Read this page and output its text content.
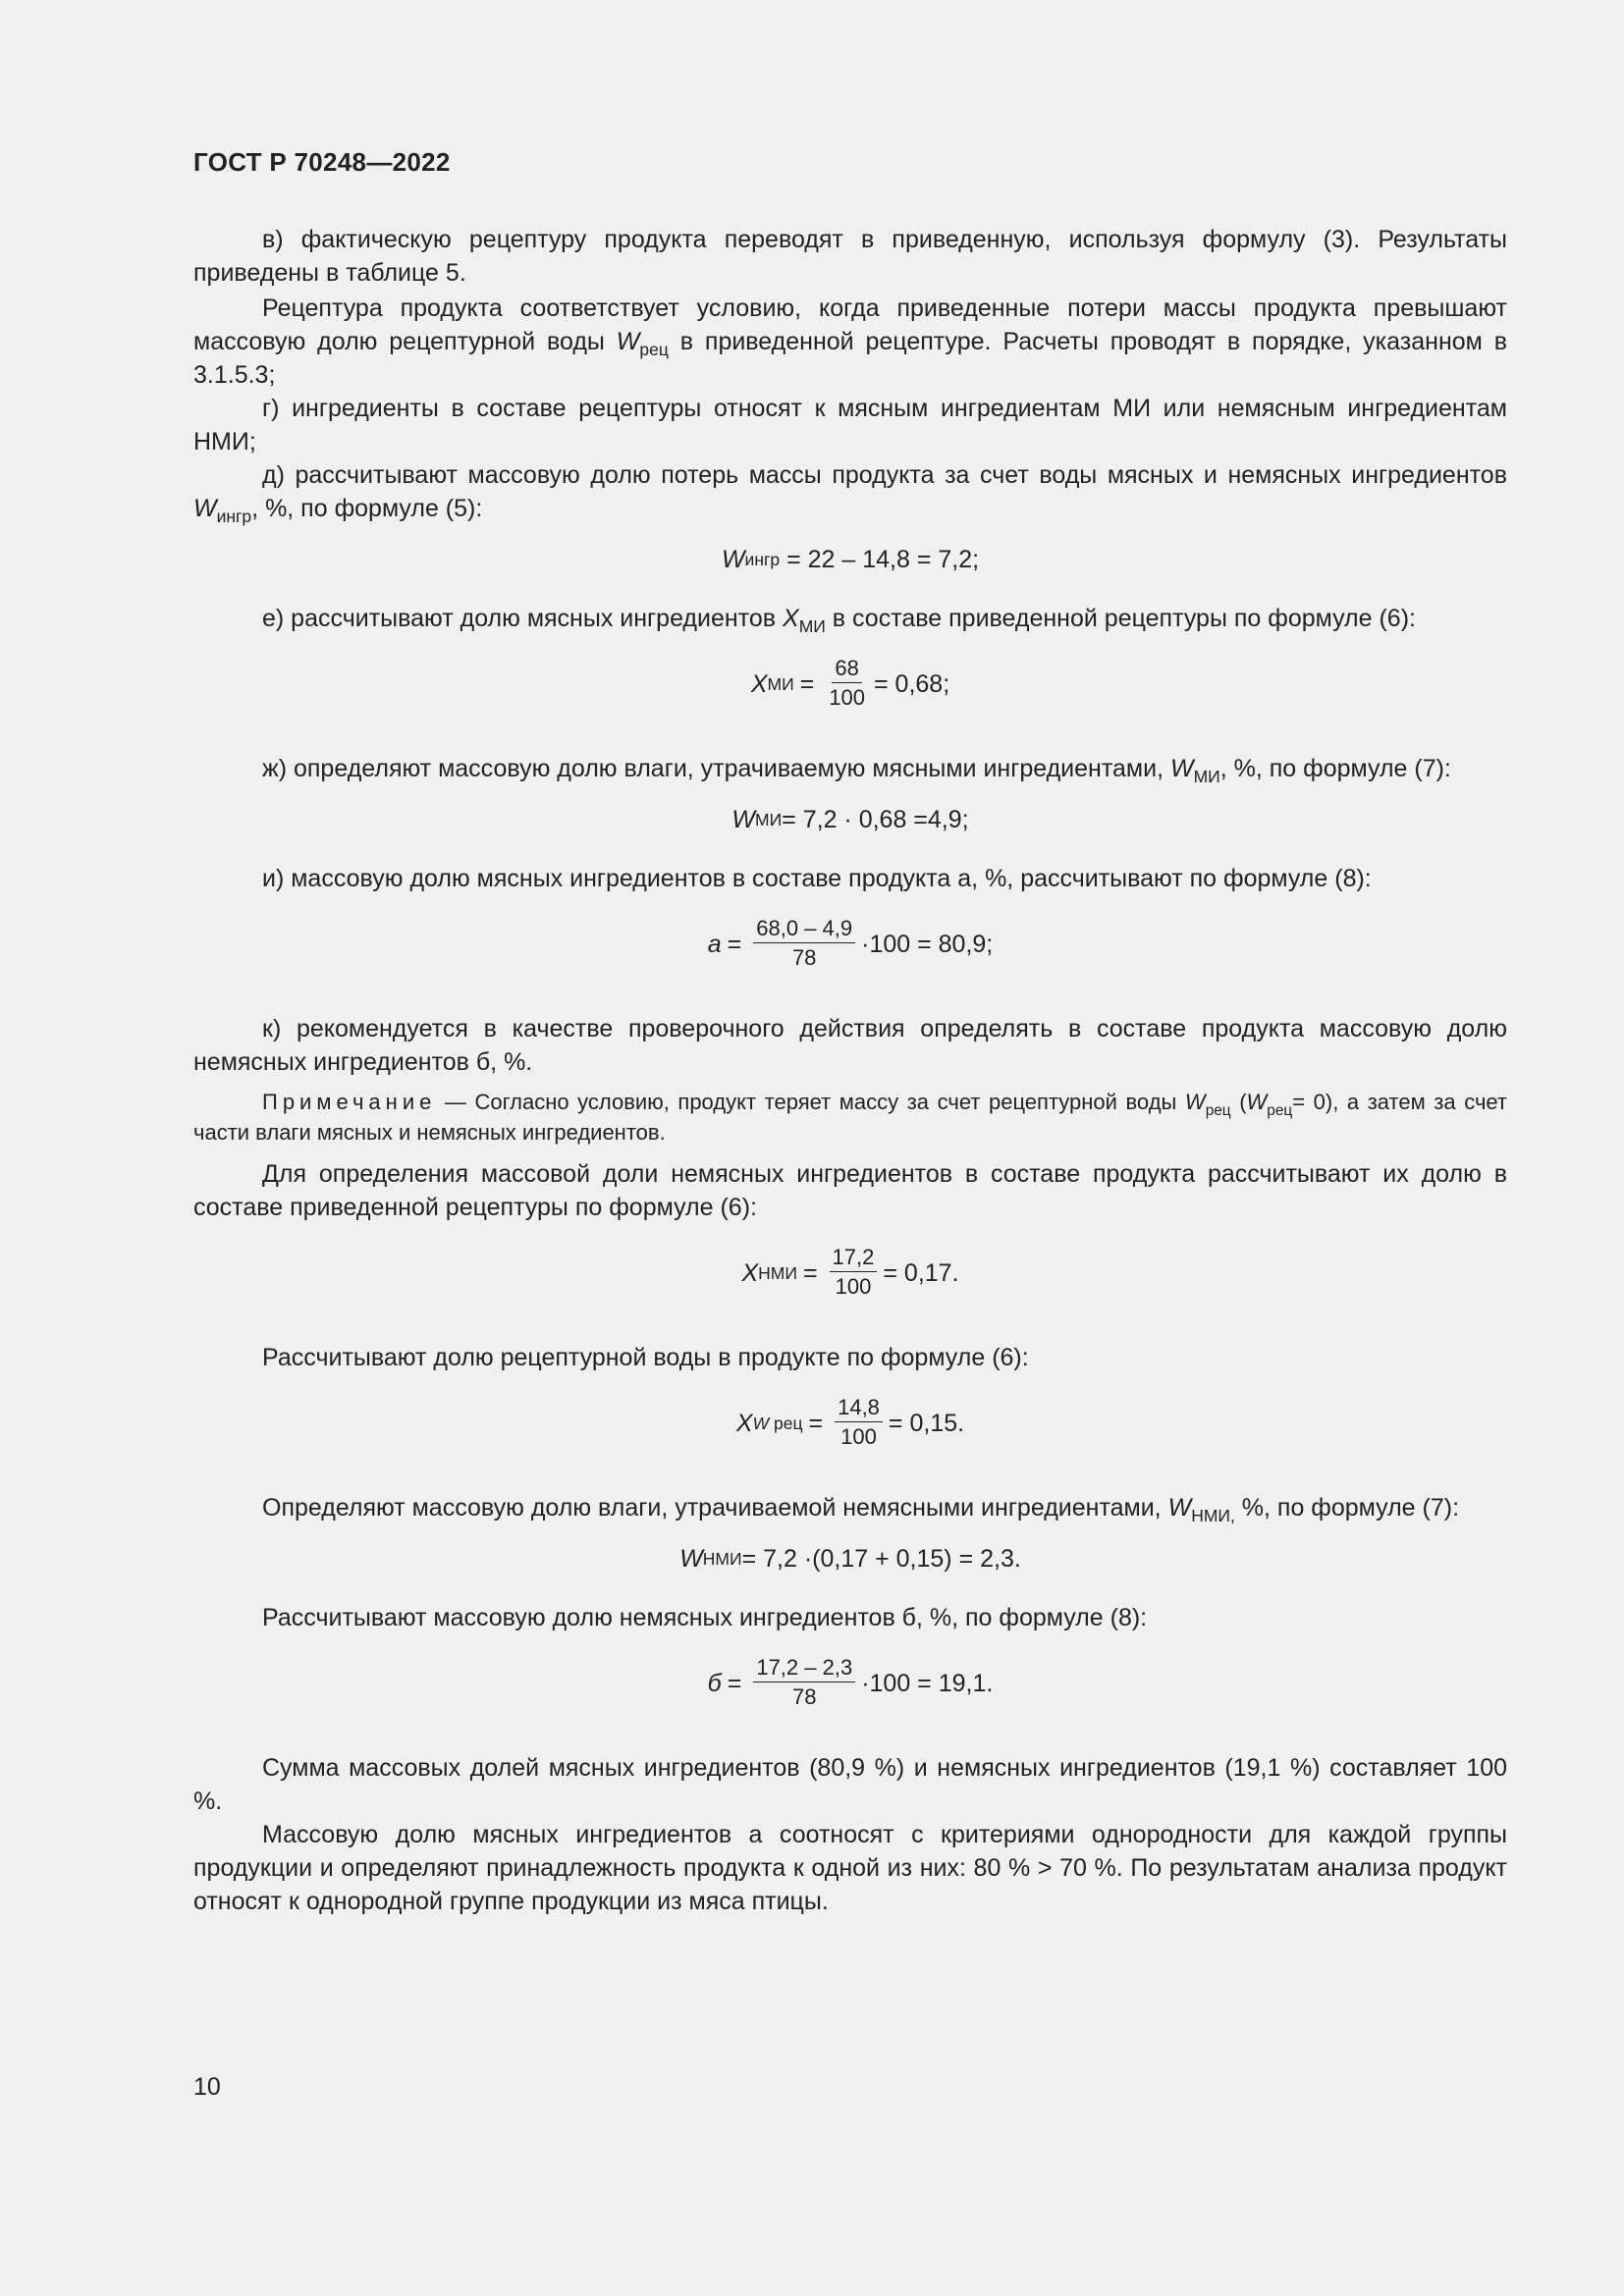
ГОСТ Р 70248—2022

в) фактическую рецептуру продукта переводят в приведенную, используя формулу (3). Результаты приведены в таблице 5.

Рецептура продукта соответствует условию, когда приведенные потери массы продукта превышают массовую долю рецептурной воды $W_{рец}$ в приведенной рецептуре. Расчеты проводят в порядке, указанном в 3.1.5.3;

г) ингредиенты в составе рецептуры относят к мясным ингредиентам МИ или немясным ингредиентам НМИ;

д) рассчитывают массовую долю потерь массы продукта за счет воды мясных и немясных ингредиентов $W_{ингр}$, %, по формуле (5):

W ингр
= 22 – 14,8 = 7,2;

е) рассчитывают долю мясных ингредиентов $X_{МИ}$ в составе приведенной рецептуры по формуле (6):

X МИ = $\frac{68}{100} = 0,68$;

ж) определяют массовую долю влаги, утрачиваемую мясными ингредиентами, $W_{МИ}$, %, по формуле (7):

W МИ = 7,2 · 0,68 =4,9;

и) массовую долю мясных ингредиентов в составе продукта а, %, рассчитывают по формуле (8):

$a = \frac{68,0 - 4,9}{78} \cdot 100 = 80,9$;

к) рекомендуется в качестве проверочного действия определять в составе продукта массовую долю немясных ингредиентов б, %.

Примечание — Согласно условию, продукт теряет массу за счет рецептурной воды $W_{рец}$ $(W_{рец}= 0)$, а затем за счет части влаги мясных и немясных ингредиентов.

Для определения массовой доли немясных ингредиентов в составе продукта рассчитывают их долю в составе приведенной рецептуры по формуле (6):

X НМИ = $\frac{17,2}{100} = 0,17$.

Рассчитывают долю рецептурной воды в продукте по формуле (6):

X W рец = $\frac{14,8}{100} = 0,15$.

Определяют массовую долю влаги, утрачиваемой немясными ингредиентами, $W_{НМИ,}$ %, по формуле (7):

W НМИ = 7,2 ·(0,17 + 0,15) = 2,3.

Рассчитывают массовую долю немясных ингредиентов б, %, по формуле (8):

$б = \frac{17,2 - 2,3}{78} \cdot 100 = 19,1$.

Сумма массовых долей мясных ингредиентов (80,9 %) и немясных ингредиентов (19,1 %) составляет 100 %.

Массовую долю мясных ингредиентов а соотносят с критериями однородности для каждой группы продукции и определяют принадлежность продукта к одной из них: 80 % > 70 %. По результатам анализа продукт относят к однородной группе продукции из мяса птицы.

10
